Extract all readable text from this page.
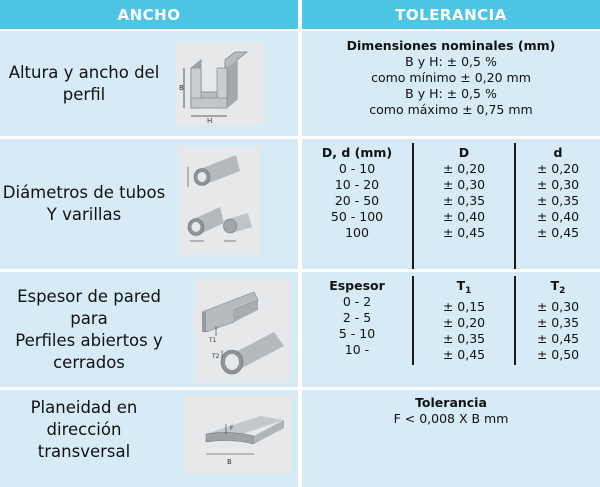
ANCHO	TOLERANCIA
Altura y ancho del
perfil	B
H
Dimensiones nominales (mm)
B y H: ± 0,5 %
como mínimo ± 0,20 mm
B y H: ± 0,5 %
como máximo ± 0,75 mm
Diámetros de tubos
Y varillas
D, d (mm)
0 - 10
10 - 20
20 - 50
50 - 100
100
D
± 0,20
± 0,30
± 0,35
± 0,40
± 0,45
d
± 0,20
± 0,30
± 0,35
± 0,40
± 0,45
Espesor de pared para
Perfiles abiertos y
cerrados
T1
T2
Espesor
0 - 2
2 - 5
5 - 10
10 -
$T_1$
± 0,15
± 0,20
± 0,35
± 0,45
$T_2$
± 0,30
± 0,35
± 0,45
± 0,50
Planeidad en
dirección
transversal
F
B
Tolerancia
F < 0,008 X B mm
